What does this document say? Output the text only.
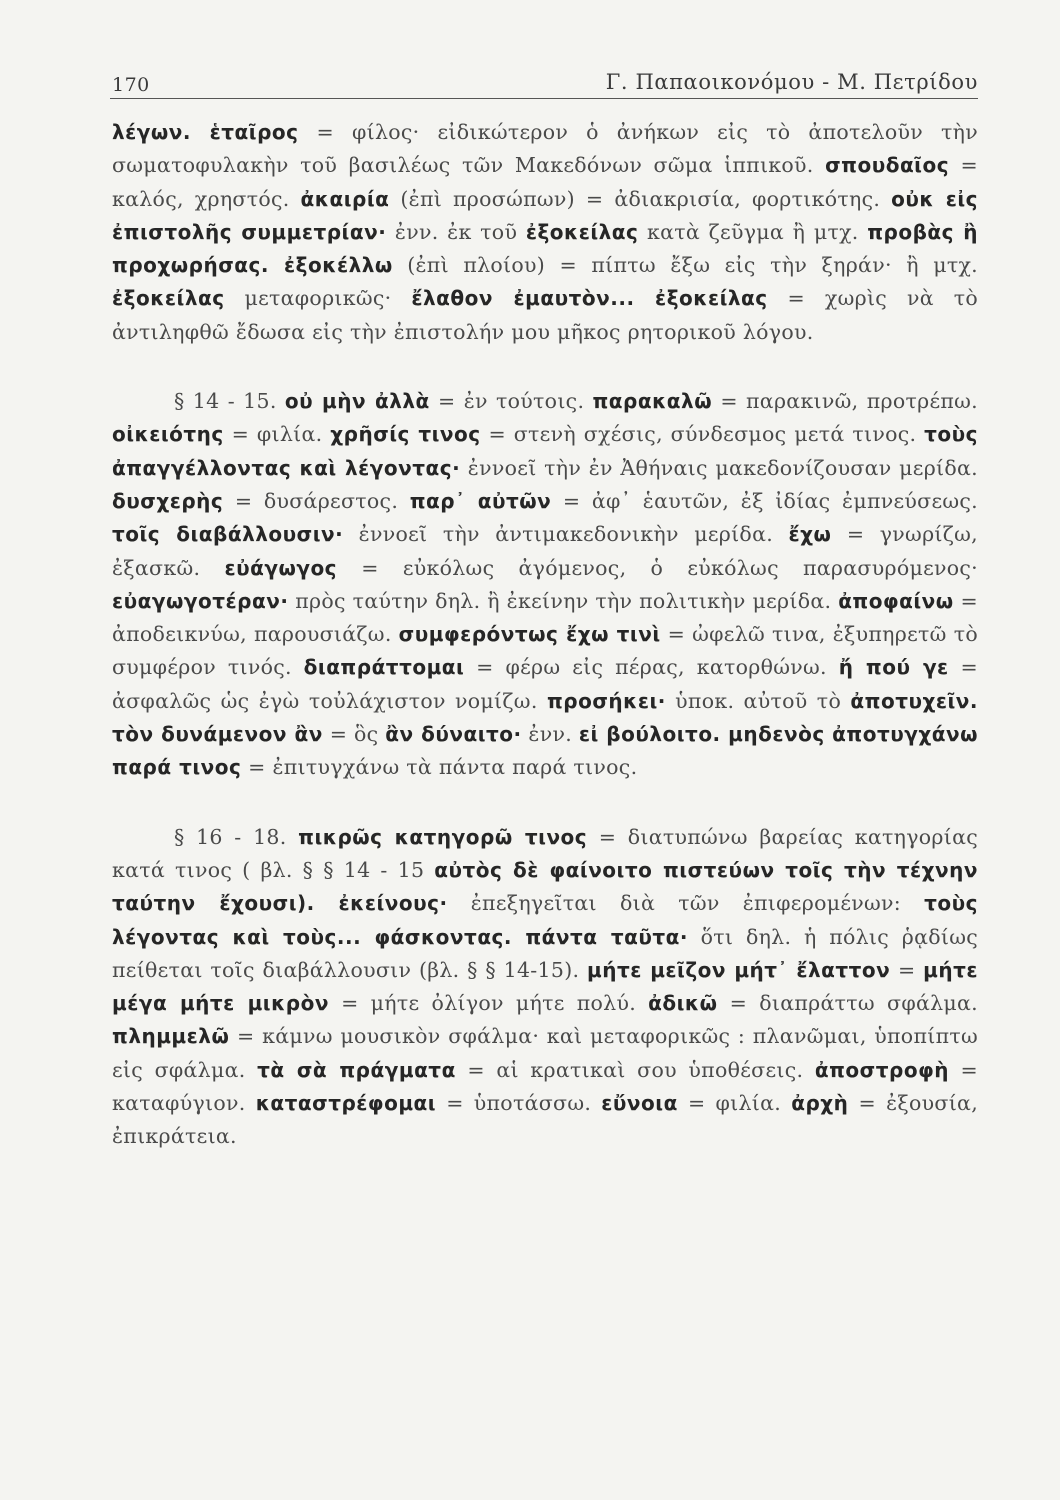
170	Γ. Παπαοικονόμου - Μ. Πετρίδου

λέγων. ἑταῖρος = φίλος· εἰδικώτερον ὁ ἀνήκων εἰς τὸ ἀποτελοῦν τὴν σωματοφυλακὴν τοῦ βασιλέως τῶν Μακεδόνων σῶμα ἱππικοῦ. σπουδαῖος = καλός, χρηστός. ἀκαιρία (ἐπὶ προσώπων) = ἀδιακρισία, φορτικότης. οὐκ εἰς ἐπιστολῆς συμμετρίαν· ἐνν. ἐκ τοῦ ἐξοκείλας κατὰ ζεῦγμα ἢ μτχ. προβὰς ἢ προχωρήσας. ἐξοκέλλω (ἐπὶ πλοίου) = πίπτω ἔξω εἰς τὴν ξηράν· ἢ μτχ. ἐξοκείλας μεταφορικῶς· ἔλαθον ἐμαυτὸν... ἐξοκείλας = χωρὶς νὰ τὸ ἀντιληφθῶ ἔδωσα εἰς τὴν ἐπιστολήν μου μῆκος ρητορικοῦ λόγου.

§ 14 - 15. οὐ μὴν ἀλλὰ = ἐν τούτοις. παρακαλῶ = παρακινῶ, προτρέπω. οἰκειότης = φιλία. χρῆσίς τινος = στενὴ σχέσις, σύνδεσμος μετά τινος. τοὺς ἀπαγγέλλοντας καὶ λέγοντας· ἐννοεῖ τὴν ἐν Ἀθήναις μακεδονίζουσαν μερίδα. δυσχερὴς = δυσάρεστος. παρ᾽ αὐτῶν = ἀφ᾽ ἑαυτῶν, ἐξ ἰδίας ἐμπνεύσεως. τοῖς διαβάλλουσιν· ἐννοεῖ τὴν ἀντιμακεδονικὴν μερίδα. ἔχω = γνωρίζω, ἐξασκῶ. εὐάγωγος = εὐκόλως ἀγόμενος, ὁ εὐκόλως παρασυρόμενος· εὐαγωγοτέραν· πρὸς ταύτην δηλ. ἢ ἐκείνην τὴν πολιτικὴν μερίδα. ἀποφαίνω = ἀποδεικνύω, παρουσιάζω. συμφερόντως ἔχω τινὶ = ὠφελῶ τινα, ἐξυπηρετῶ τὸ συμφέρον τινός. διαπράττομαι = φέρω εἰς πέρας, κατορθώνω. ἤ πού γε = ἀσφαλῶς ὡς ἐγὼ τοὐλάχιστον νομίζω. προσήκει· ὑποκ. αὐτοῦ τὸ ἀποτυχεῖν. τὸν δυνάμενον ἂν = ὃς ἂν δύναιτο· ἐνν. εἰ βούλοιτο. μηδενὸς ἀποτυγχάνω παρά τινος = ἐπιτυγχάνω τὰ πάντα παρά τινος.

§ 16 - 18. πικρῶς κατηγορῶ τινος = διατυπώνω βαρείας κατηγορίας κατά τινος ( βλ. § § 14 - 15 αὐτὸς δὲ φαίνοιτο πιστεύων τοῖς τὴν τέχνην ταύτην ἔχουσι). ἐκείνους· ἐπεξηγεῖται διὰ τῶν ἐπιφερομένων: τοὺς λέγοντας καὶ τοὺς... φάσκοντας. πάντα ταῦτα· ὅτι δηλ. ἡ πόλις ῥᾳδίως πείθεται τοῖς διαβάλλουσιν (βλ. § § 14-15). μήτε μεῖζον μήτ᾽ ἔλαττον = μήτε μέγα μήτε μικρὸν = μήτε ὀλίγον μήτε πολύ. ἀδικῶ = διαπράττω σφάλμα. πλημμελῶ = κάμνω μουσικὸν σφάλμα· καὶ μεταφορικῶς : πλανῶμαι, ὑποπίπτω εἰς σφάλμα. τὰ σὰ πράγματα = αἱ κρατικαὶ σου ὑποθέσεις. ἀποστροφὴ = καταφύγιον. καταστρέφομαι = ὑποτάσσω. εὔνοια = φιλία. ἀρχὴ = ἐξουσία, ἐπικράτεια.
